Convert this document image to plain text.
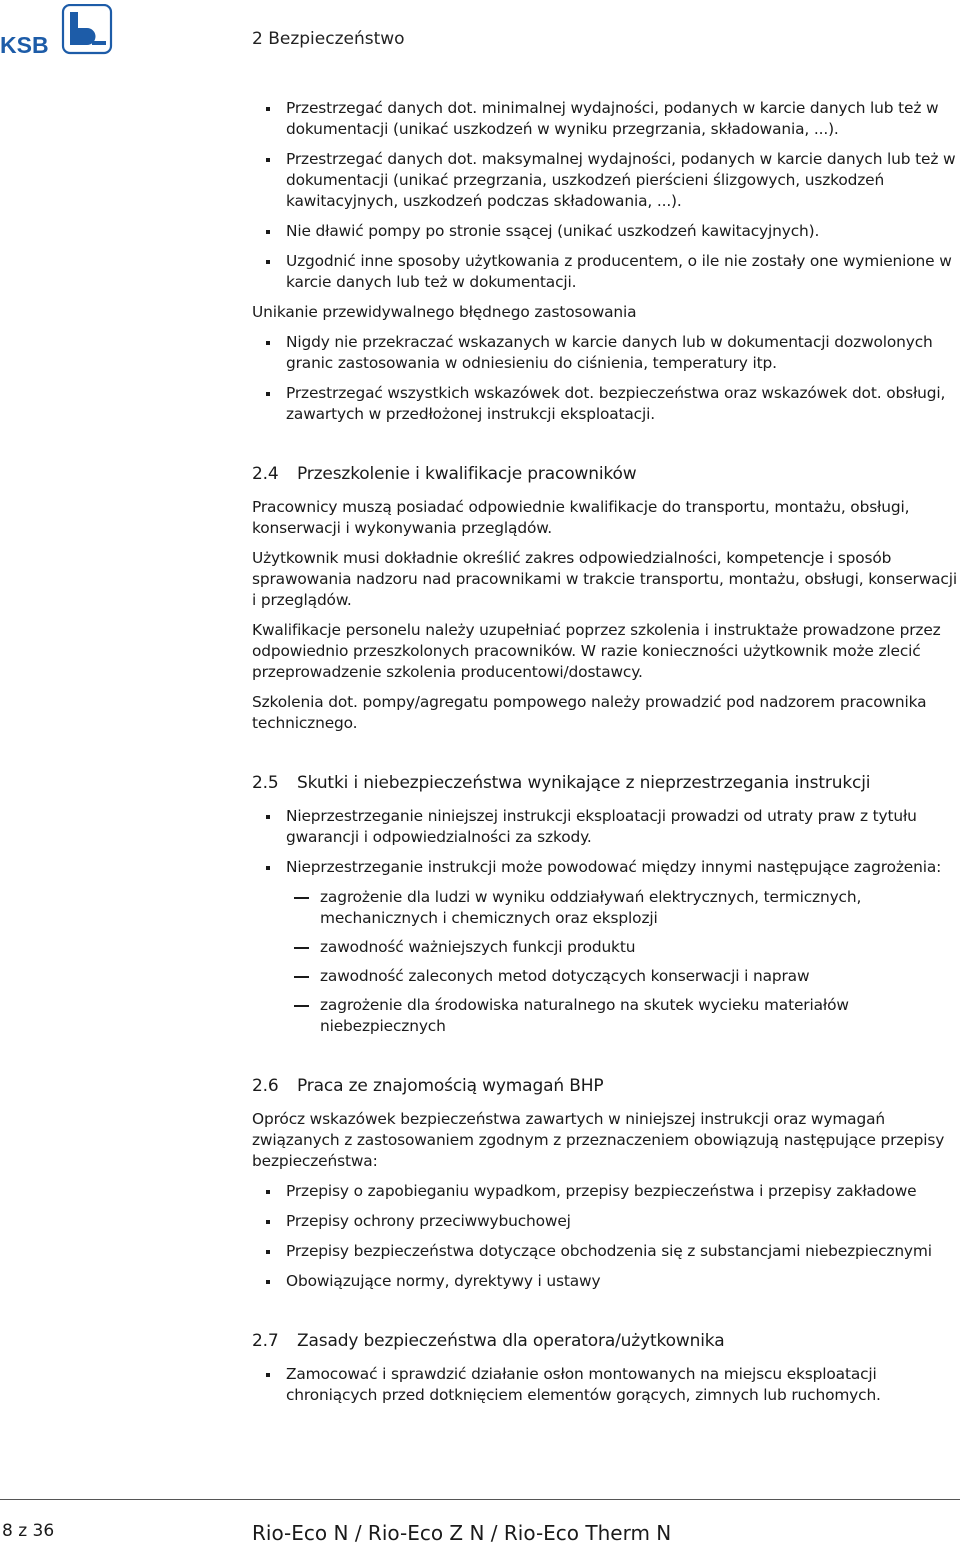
KSB	2 Bezpieczeństwo
Przestrzegać danych dot. minimalnej wydajności, podanych w karcie danych lub też w dokumentacji (unikać uszkodzeń w wyniku przegrzania, składowania, ...).
Przestrzegać danych dot. maksymalnej wydajności, podanych w karcie danych lub też w dokumentacji (unikać przegrzania, uszkodzeń pierścieni ślizgowych, uszkodzeń kawitacyjnych, uszkodzeń podczas składowania, ...).
Nie dławić pompy po stronie ssącej (unikać uszkodzeń kawitacyjnych).
Uzgodnić inne sposoby użytkowania z producentem, o ile nie zostały one wymienione w karcie danych lub też w dokumentacji.
Unikanie przewidywalnego błędnego zastosowania
Nigdy nie przekraczać wskazanych w karcie danych lub w dokumentacji dozwolonych granic zastosowania w odniesieniu do ciśnienia, temperatury itp.
Przestrzegać wszystkich wskazówek dot. bezpieczeństwa oraz wskazówek dot. obsługi, zawartych w przedłożonej instrukcji eksploatacji.
2.4 Przeszkolenie i kwalifikacje pracowników

Pracownicy muszą posiadać odpowiednie kwalifikacje do transportu, montażu, obsługi, konserwacji i wykonywania przeglądów.

Użytkownik musi dokładnie określić zakres odpowiedzialności, kompetencje i sposób sprawowania nadzoru nad pracownikami w trakcie transportu, montażu, obsługi, konserwacji i przeglądów.

Kwalifikacje personelu należy uzupełniać poprzez szkolenia i instruktaże prowadzone przez odpowiednio przeszkolonych pracowników. W razie konieczności użytkownik może zlecić przeprowadzenie szkolenia producentowi/dostawcy.

Szkolenia dot. pompy/agregatu pompowego należy prowadzić pod nadzorem pracownika technicznego.

2.5 Skutki i niebezpieczeństwa wynikające z nieprzestrzegania instrukcji
Nieprzestrzeganie niniejszej instrukcji eksploatacji prowadzi od utraty praw z tytułu gwarancji i odpowiedzialności za szkody.
Nieprzestrzeganie instrukcji może powodować między innymi następujące zagrożenia:
zagrożenie dla ludzi w wyniku oddziaływań elektrycznych, termicznych, mechanicznych i chemicznych oraz eksplozji
zawodność ważniejszych funkcji produktu
zawodność zaleconych metod dotyczących konserwacji i napraw
zagrożenie dla środowiska naturalnego na skutek wycieku materiałów niebezpiecznych
2.6 Praca ze znajomością wymagań BHP

Oprócz wskazówek bezpieczeństwa zawartych w niniejszej instrukcji oraz wymagań związanych z zastosowaniem zgodnym z przeznaczeniem obowiązują następujące przepisy bezpieczeństwa:

Przepisy o zapobieganiu wypadkom, przepisy bezpieczeństwa i przepisy zakładowe
Przepisy ochrony przeciwwybuchowej
Przepisy bezpieczeństwa dotyczące obchodzenia się z substancjami niebezpiecznymi
Obowiązujące normy, dyrektywy i ustawy
2.7 Zasady bezpieczeństwa dla operatora/użytkownika
Zamocować i sprawdzić działanie osłon montowanych na miejscu eksploatacji chroniących przed dotknięciem elementów gorących, zimnych lub ruchomych.
8 z 36	Rio-Eco N / Rio-Eco Z N / Rio-Eco Therm N
